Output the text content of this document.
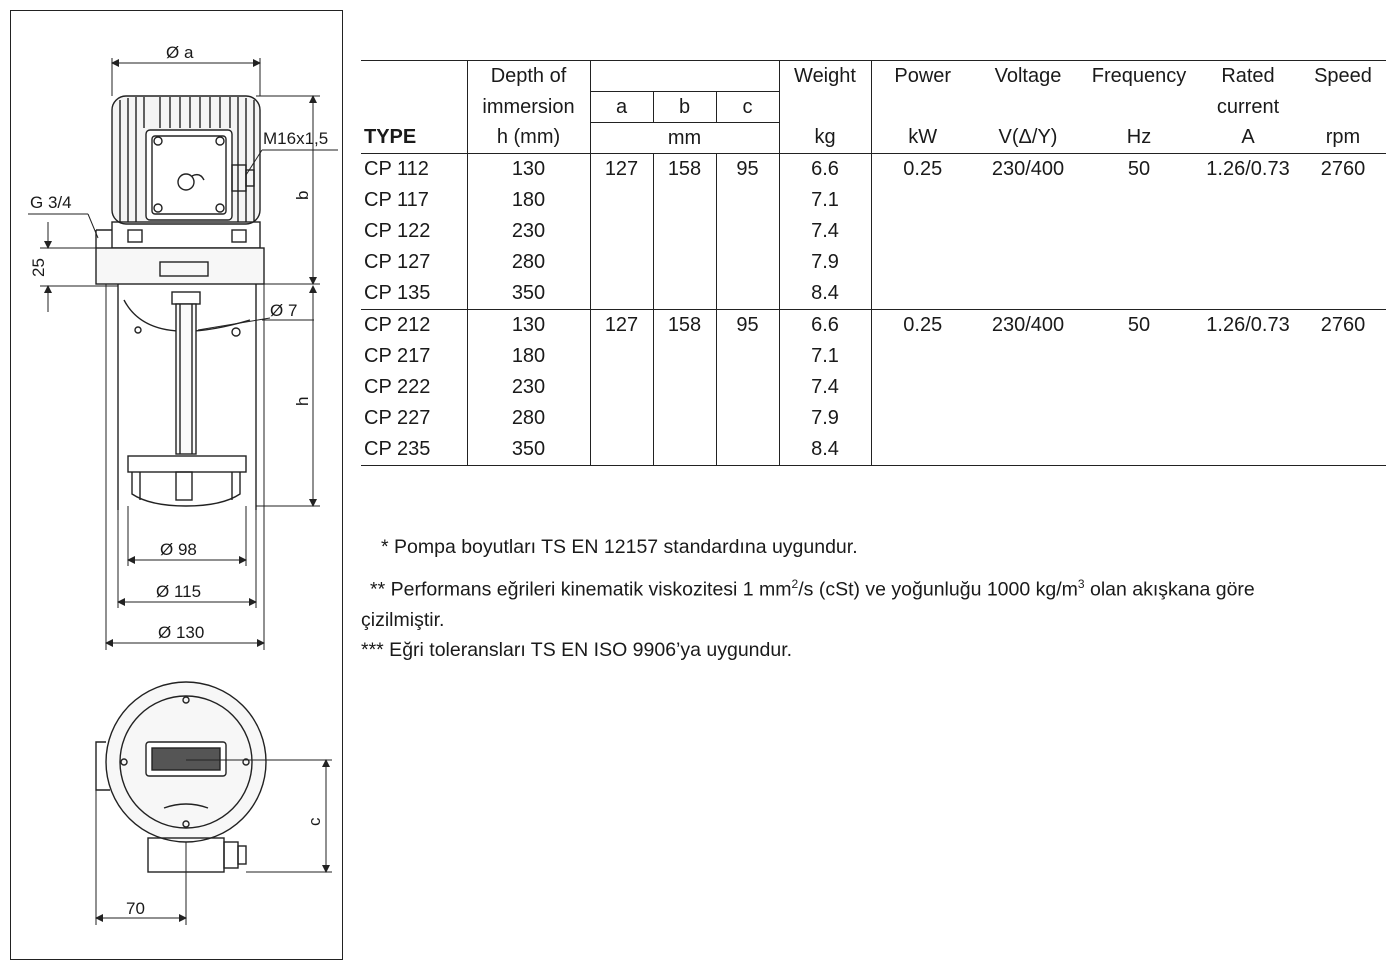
Ø a
M16x1,5
G 3/4	b
25
Ø 7
h
Ø 98
Ø 115
Ø 130
c
70
	Depth of				Weight	Power	Voltage	Frequency	Rated	Speed
	immersion	a	b	c					current	
TYPE	h (mm)	mm			kg	kW	V(Δ/Y)	Hz	A	rpm
CP 112	130	127	158	95	6.6	0.25	230/400	50	1.26/0.73	2760
CP 117	180				7.1					
CP 122	230				7.4					
CP 127	280				7.9					
CP 135	350				8.4					
CP 212	130	127	158	95	6.6	0.25	230/400	50	1.26/0.73	2760
CP 217	180				7.1					
CP 222	230				7.4					
CP 227	280				7.9					
CP 235	350				8.4					

* Pompa boyutları TS EN 12157 standardına uygundur.

** Performans eğrileri kinematik viskozitesi 1 $mm^2/s$ (cSt) ve yoğunluğu 1000 $kg/m^3$ olan akışkana göre

çizilmiştir.

*** Eğri toleransları TS EN ISO 9906’ya uygundur.
